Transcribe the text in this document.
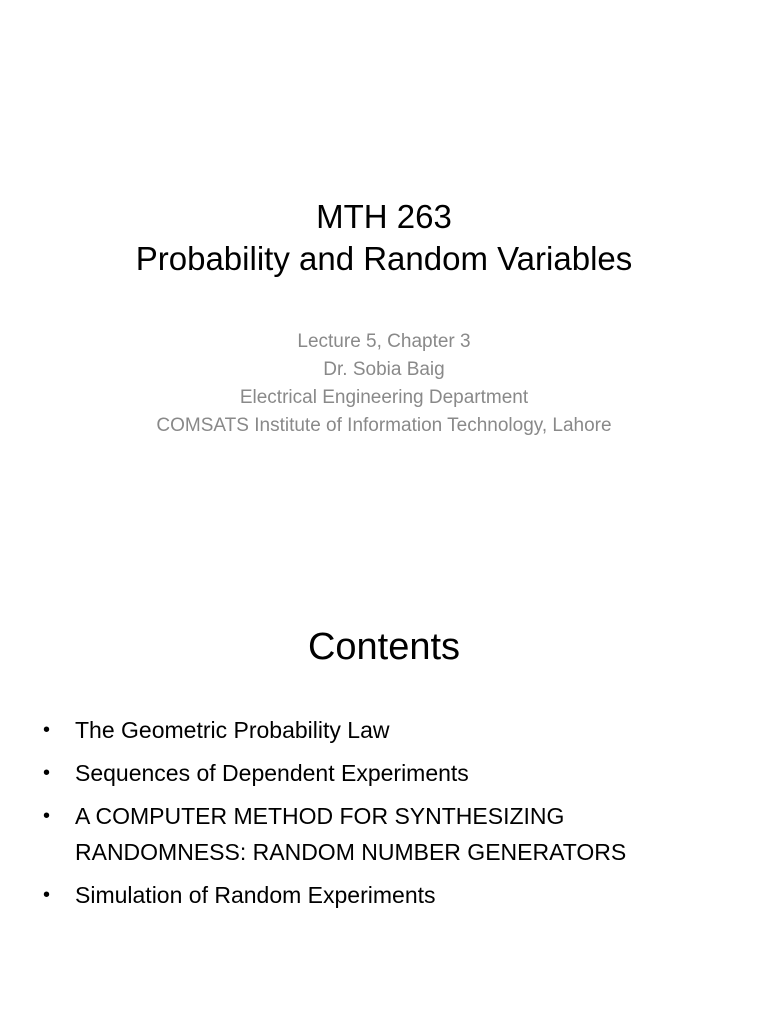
MTH 263
Probability and Random Variables
Lecture 5, Chapter 3
Dr. Sobia Baig
Electrical Engineering Department
COMSATS Institute of Information Technology, Lahore
Contents
• The Geometric Probability Law
• Sequences of Dependent Experiments
• A COMPUTER METHOD FOR SYNTHESIZING
RANDOMNESS: RANDOM NUMBER GENERATORS
• Simulation of Random Experiments
